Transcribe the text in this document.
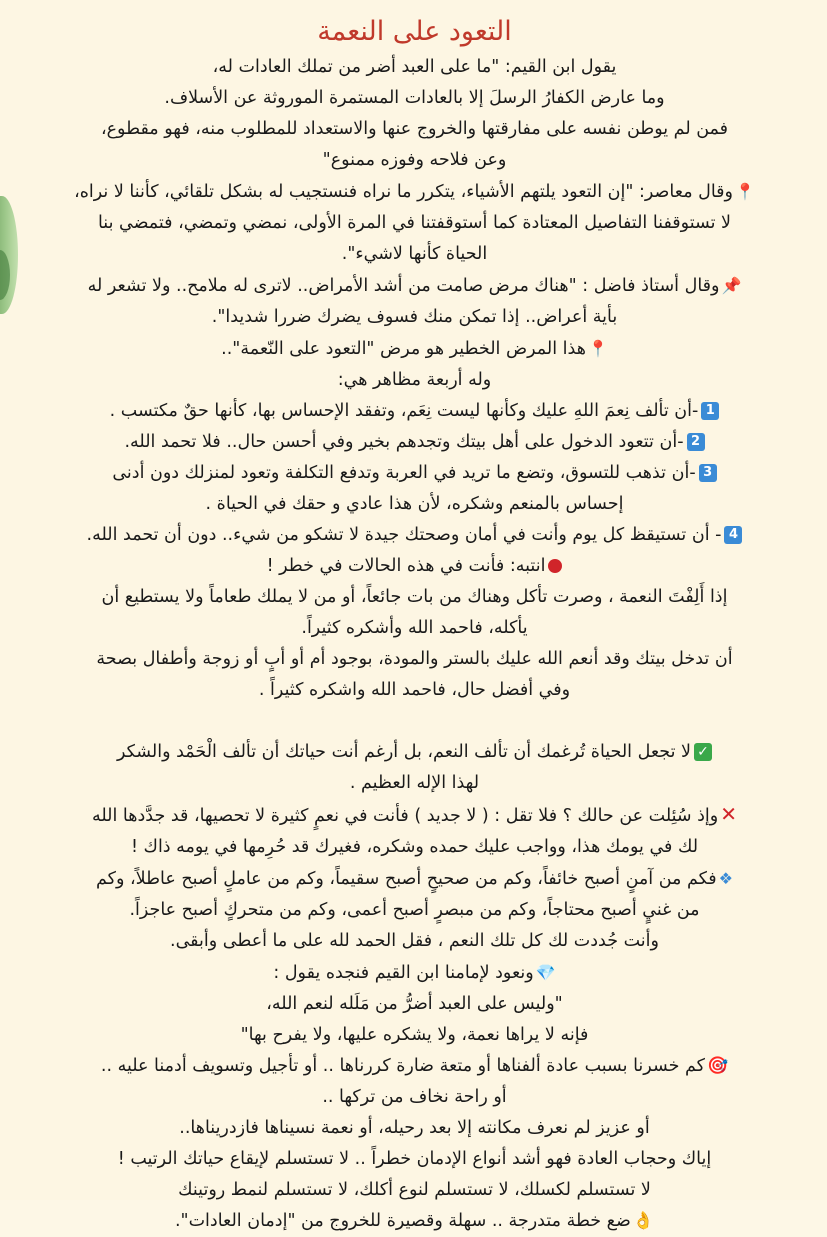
التعود على النعمة
يقول ابن القيم: "ما على العبد أضر من تملك العادات له،
وما عارض الكفارُ الرسلَ إلا بالعادات المستمرة الموروثة عن الأسلاف.
فمن لم يوطن نفسه على مفارقتها والخروج عنها والاستعداد للمطلوب منه، فهو مقطوع،
وعن فلاحه وفوزه ممنوع"
📍وقال معاصر: "إن التعود يلتهم الأشياء، يتكرر ما نراه فنستجيب له بشكل تلقائي، كأننا لا نراه،
لا تستوقفنا التفاصيل المعتادة كما أستوقفتنا في المرة الأولى، نمضي وتمضي، فتمضي بنا
الحياة كأنها لاشيء".
📌وقال أستاذ فاضل : "هناك مرض صامت من أشد الأمراض.. لاترى له ملامح.. ولا تشعر له
بأية أعراض.. إذا تمكن منك فسوف يضرك ضررا شديدا".
📍هذا المرض الخطير هو مرض "التعود على النّعمة"..
وله أربعة مظاهر هي:
1-أن تألف نِعمَ اللهِ عليك وكأنها ليست نِعَم، وتفقد الإحساس بها، كأنها حقٌ مكتسب .
2-أن تتعود الدخول على أهل بيتك وتجدهم بخير وفي أحسن حال.. فلا تحمد الله.
3-أن تذهب للتسوق، وتضع ما تريد في العربة وتدفع التكلفة وتعود لمنزلك دون أدنى
إحساس بالمنعم وشكره، لأن هذا عادي و حقك في الحياة .
4- أن تستيقظ كل يوم وأنت في أمان وصحتك جيدة لا تشكو من شيء.. دون أن تحمد الله.
انتبه: فأنت في هذه الحالات في خطر !
إذا أَلِفْتَ النعمة ، وصرت تأكل وهناك من بات جائعاً، أو من لا يملك طعاماً ولا يستطيع أن
يأكله، فاحمد الله وأشكره كثيراً.
أن تدخل بيتك وقد أنعم الله عليك بالستر والمودة، بوجود أم أو أبٍ أو زوجة وأطفال بصحة
وفي أفضل حال، فاحمد الله واشكره كثيراً .
✓لا تجعل الحياة تُرغمك أن تألف النعم، بل أرغم أنت حياتك أن تألف الْحَمْد والشكر
لهذا الإله العظيم .
✕وإذ سُئِلت عن حالك ؟ فلا تقل : ( لا جديد ) فأنت في نعمٍ كثيرة لا تحصيها، قد جدَّدها الله
لك في يومك هذا، وواجب عليك حمده وشكره، فغيرك قد حُرِمها في يومه ذاك !
❖فكم من آمنٍ أصبح خائفاً، وكم من صحيحٍ أصبح سقيماً، وكم من عاملٍ أصبح عاطلاً، وكم
من غنيٍ أصبح محتاجاً، وكم من مبصرٍ أصبح أعمى، وكم من متحركٍ أصبح عاجزاً.
وأنت جُددت لك كل تلك النعم ، فقل الحمد لله على ما أعطى وأبقى.
💎ونعود لإمامنا ابن القيم فنجده يقول :
"وليس على العبد أضرُّ من مَلَله لنعم الله،
فإنه لا يراها نعمة، ولا يشكره عليها، ولا يفرح بها"
🎯كم خسرنا بسبب عادة ألفناها أو متعة ضارة كررناها .. أو تأجيل وتسويف أدمنا عليه ..
أو راحة نخاف من تركها ..
أو عزيز لم نعرف مكانته إلا بعد رحيله، أو نعمة نسيناها فازدريناها..
إياك وحجاب العادة فهو أشد أنواع الإدمان خطراً .. لا تستسلم لإيقاع حياتك الرتيب !
لا تستسلم لكسلك، لا تستسلم لنوع أكلك، لا تستسلم لنمط روتينك
👌ضع خطة متدرجة .. سهلة وقصيرة للخروج من "إدمان العادات".
